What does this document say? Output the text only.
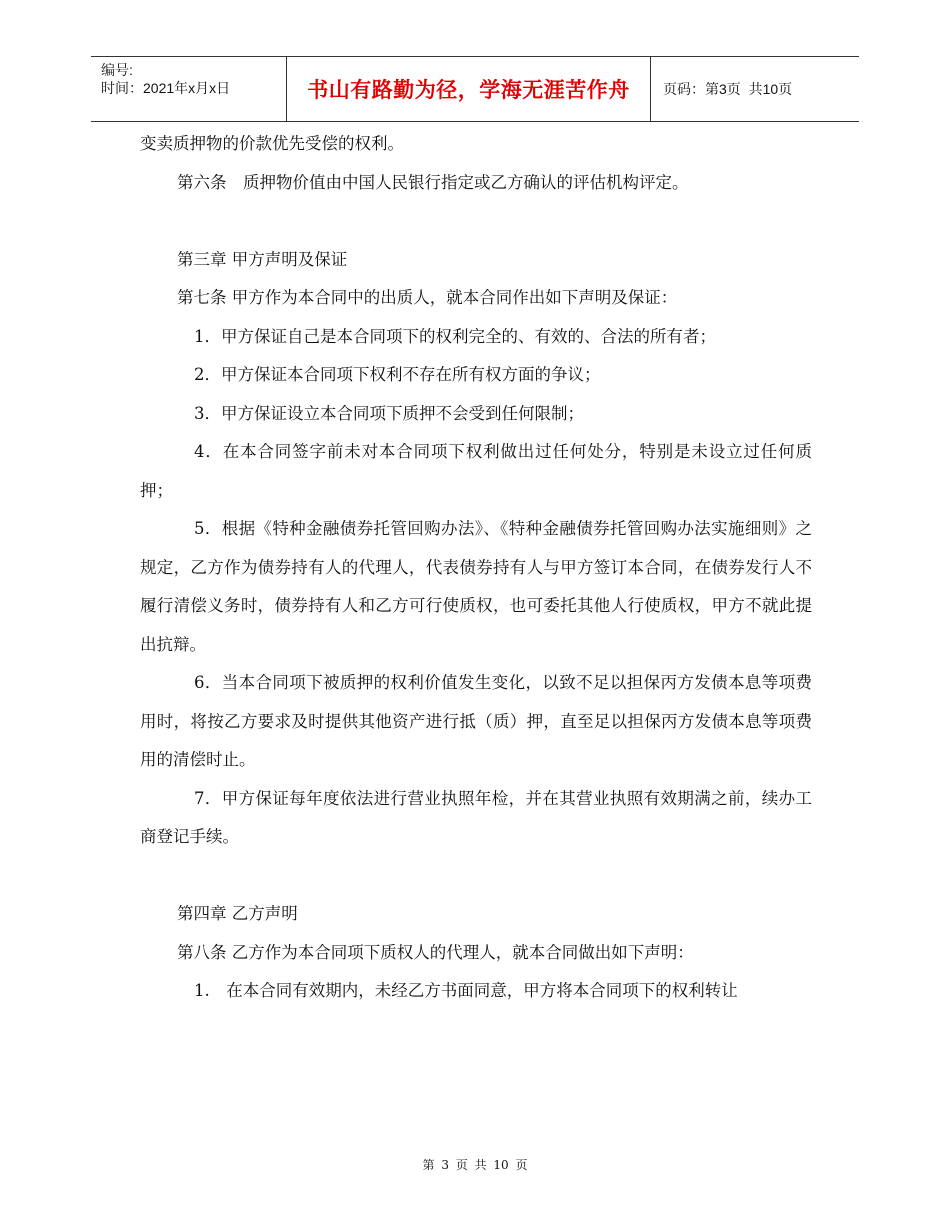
编号:
时间：2021年x月x日	书山有路勤为径，学海无涯苦作舟 页码：第3页  共10页

变卖质押物的价款优先受偿的权利。

第六条　质押物价值由中国人民银行指定或乙方确认的评估机构评定。

第三章 甲方声明及保证

第七条 甲方作为本合同中的出质人，就本合同作出如下声明及保证：

1．甲方保证自己是本合同项下的权利完全的、有效的、合法的所有者；

2．甲方保证本合同项下权利不存在所有权方面的争议；

3．甲方保证设立本合同项下质押不会受到任何限制；

4．在本合同签字前未对本合同项下权利做出过任何处分，特别是未设立过任何质押；

5．根据《特种金融债券托管回购办法》、《特种金融债券托管回购办法实施细则》之规定，乙方作为债券持有人的代理人，代表债券持有人与甲方签订本合同，在债券发行人不履行清偿义务时，债券持有人和乙方可行使质权，也可委托其他人行使质权，甲方不就此提出抗辩。

6．当本合同项下被质押的权利价值发生变化，以致不足以担保丙方发债本息等项费用时，将按乙方要求及时提供其他资产进行抵（质）押，直至足以担保丙方发债本息等项费用的清偿时止。

7．甲方保证每年度依法进行营业执照年检，并在其营业执照有效期满之前，续办工商登记手续。

第四章 乙方声明

第八条 乙方作为本合同项下质权人的代理人，就本合同做出如下声明：

1.　在本合同有效期内，未经乙方书面同意，甲方将本合同项下的权利转让

第 3 页 共 10 页
